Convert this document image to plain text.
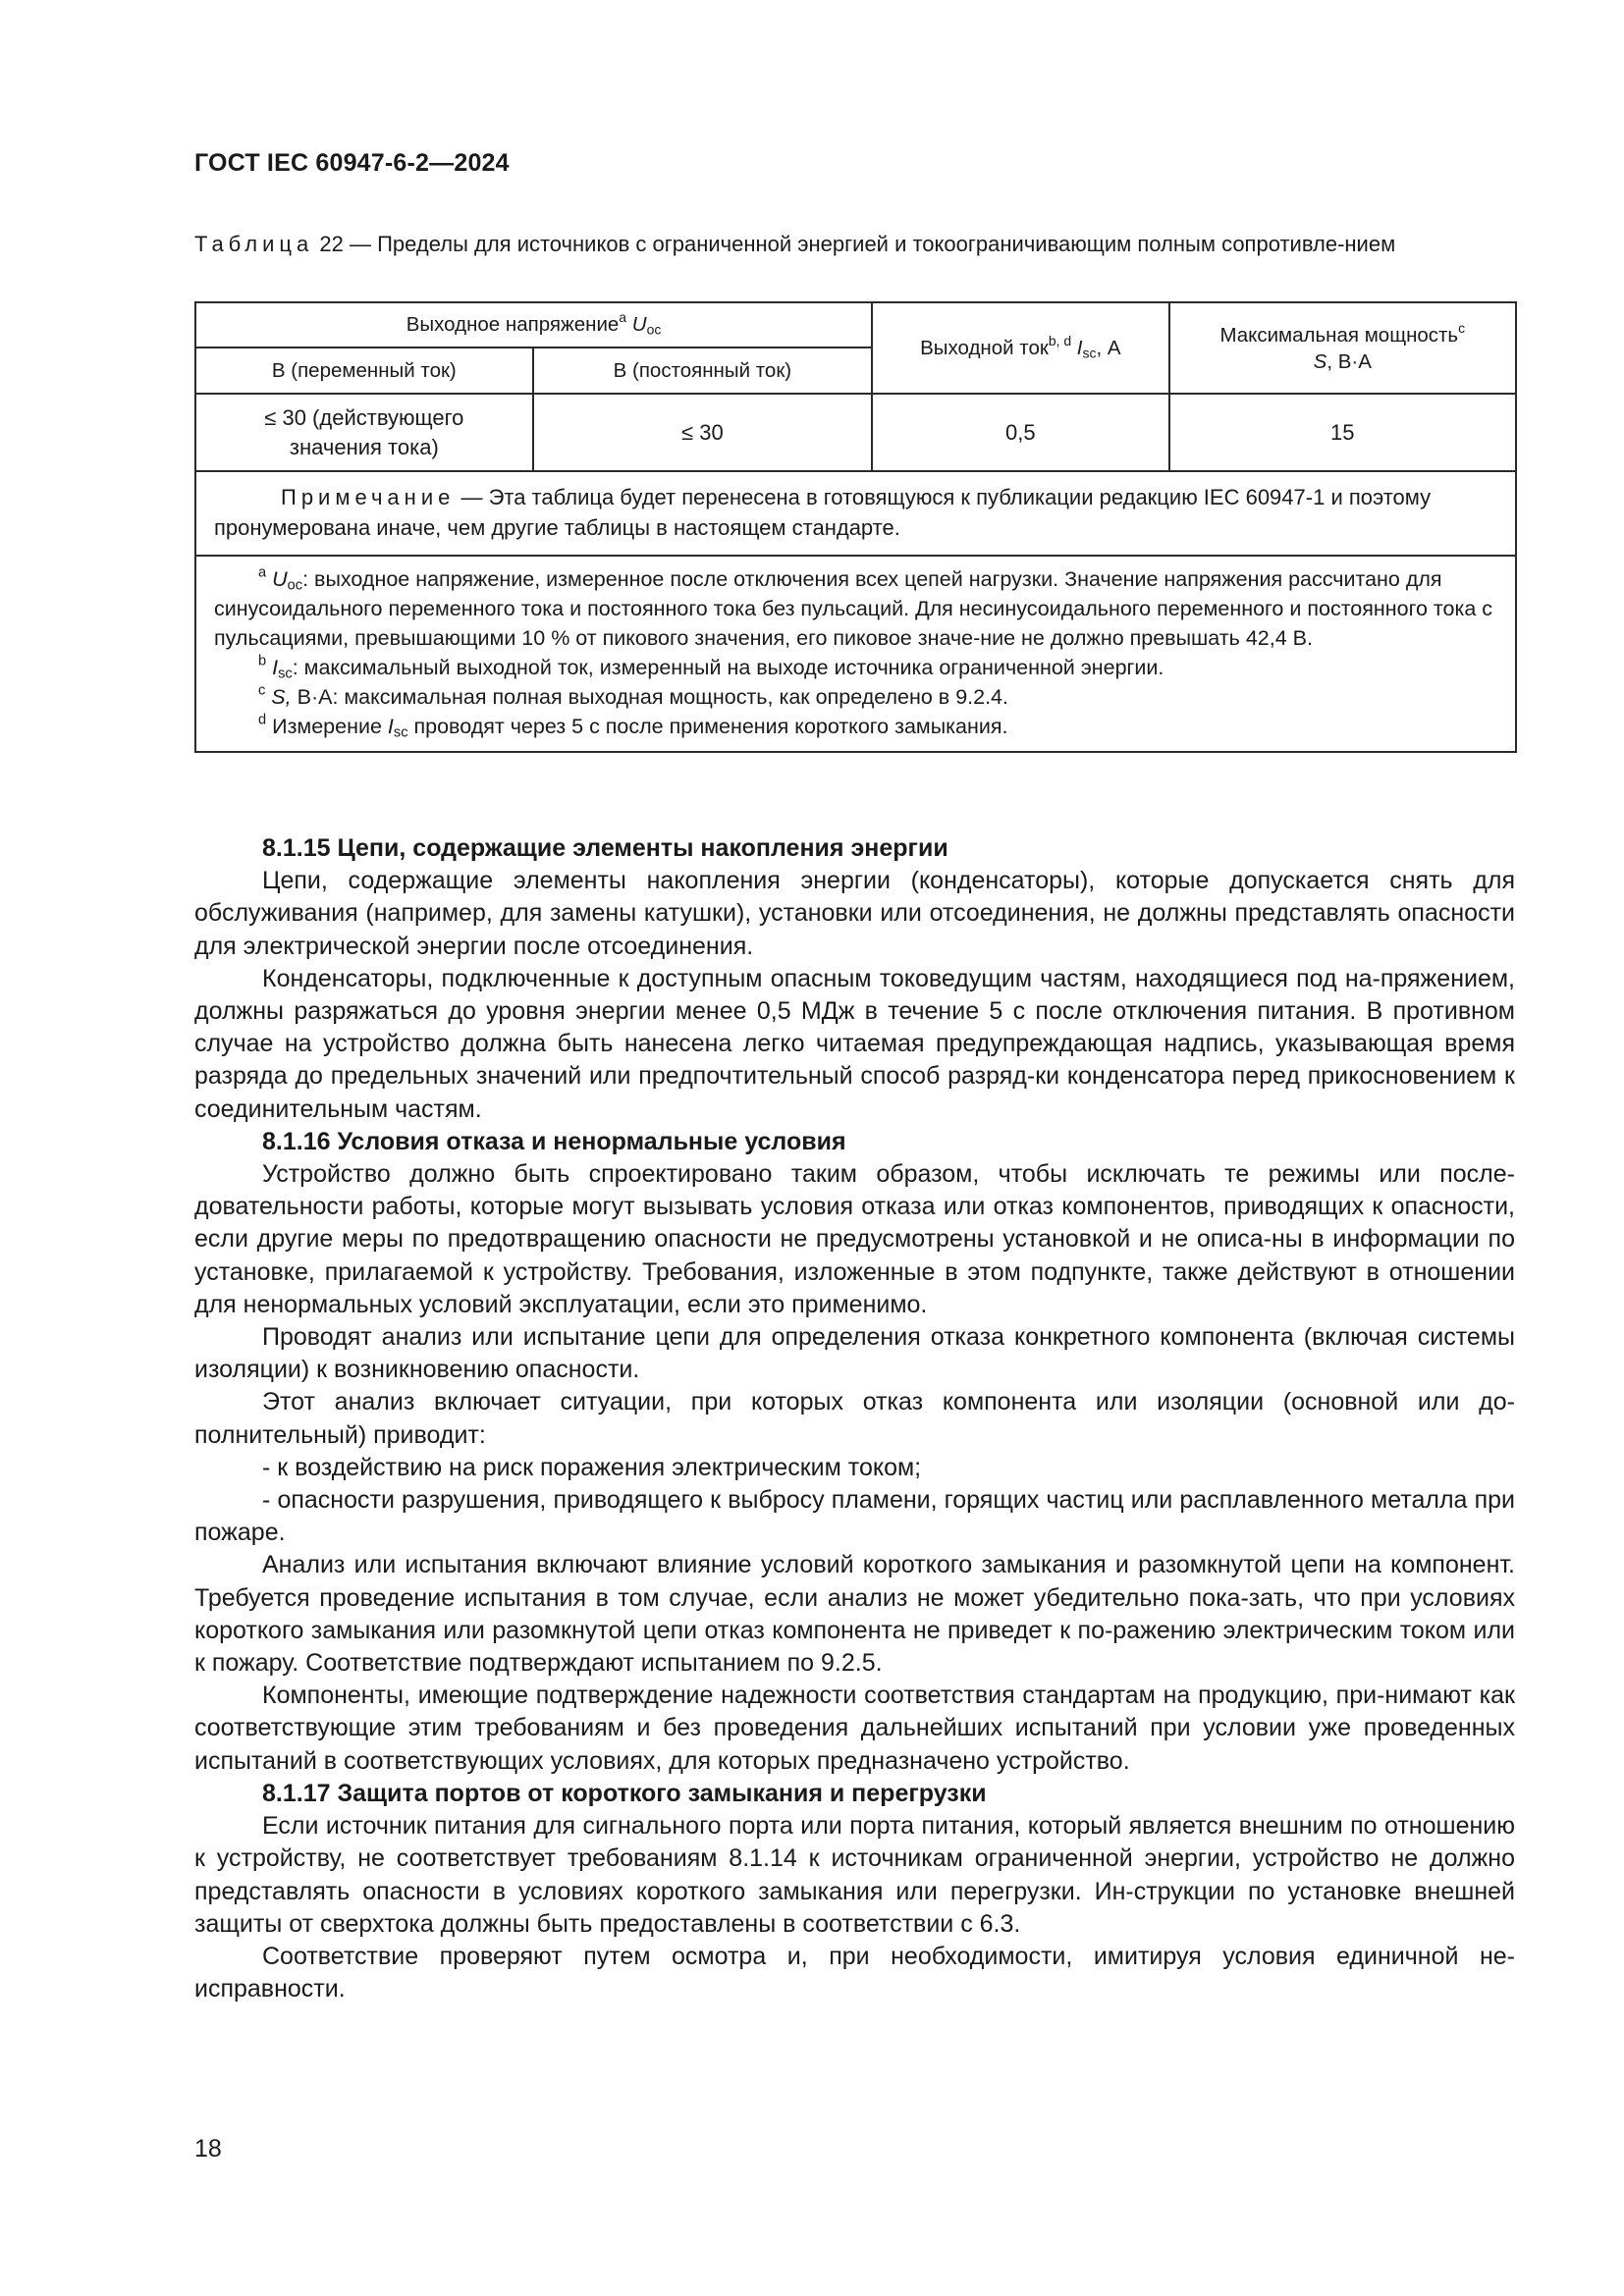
ГОСТ IEC 60947-6-2—2024
Таблица 22 — Пределы для источников с ограниченной энергией и токоограничивающим полным сопротивле-нием
Выходное напряжение$^a$ $U_{oc}$		Выходной ток$^{b, d}$ $I_{sc}$, А	Максимальная мощность$^c$
S, В·А
В (переменный ток)	В (постоянный ток)		
≤ 30 (действующего значения тока)	≤ 30	0,5	15
Примечание — Эта таблица будет перенесена в готовящуюся к публикации редакцию IEC 60947-1 и поэтому пронумерована иначе, чем другие таблицы в настоящем стандарте.			

$^a$ $U_{oc}$: выходное напряжение, измеренное после отключения всех цепей нагрузки. Значение напряжения рассчитано для синусоидального переменного тока и постоянного тока без пульсаций. Для несинусоидального переменного и постоянного тока с пульсациями, превышающими 10 % от пикового значения, его пиковое значе-ние не должно превышать 42,4 В.

$^b$ $I_{sc}$: максимальный выходной ток, измеренный на выходе источника ограниченной энергии.

$^c$ S, В·А: максимальная полная выходная мощность, как определено в 9.2.4.

$^d$ Измерение $I_{sc}$ проводят через 5 с после применения короткого замыкания.			

8.1.15 Цепи, содержащие элементы накопления энергии

Цепи, содержащие элементы накопления энергии (конденсаторы), которые допускается снять для обслуживания (например, для замены катушки), установки или отсоединения, не должны представлять опасности для электрической энергии после отсоединения.

Конденсаторы, подключенные к доступным опасным токоведущим частям, находящиеся под на-пряжением, должны разряжаться до уровня энергии менее 0,5 МДж в течение 5 с после отключения питания. В противном случае на устройство должна быть нанесена легко читаемая предупреждающая надпись, указывающая время разряда до предельных значений или предпочтительный способ разряд-ки конденсатора перед прикосновением к соединительным частям.

8.1.16 Условия отказа и ненормальные условия

Устройство должно быть спроектировано таким образом, чтобы исключать те режимы или после-довательности работы, которые могут вызывать условия отказа или отказ компонентов, приводящих к опасности, если другие меры по предотвращению опасности не предусмотрены установкой и не описа-ны в информации по установке, прилагаемой к устройству. Требования, изложенные в этом подпункте, также действуют в отношении для ненормальных условий эксплуатации, если это применимо.

Проводят анализ или испытание цепи для определения отказа конкретного компонента (включая системы изоляции) к возникновению опасности.

Этот анализ включает ситуации, при которых отказ компонента или изоляции (основной или до-полнительный) приводит:

- к воздействию на риск поражения электрическим током;

- опасности разрушения, приводящего к выбросу пламени, горящих частиц или расплавленного металла при пожаре.

Анализ или испытания включают влияние условий короткого замыкания и разомкнутой цепи на компонент. Требуется проведение испытания в том случае, если анализ не может убедительно пока-зать, что при условиях короткого замыкания или разомкнутой цепи отказ компонента не приведет к по-ражению электрическим током или к пожару. Соответствие подтверждают испытанием по 9.2.5.

Компоненты, имеющие подтверждение надежности соответствия стандартам на продукцию, при-нимают как соответствующие этим требованиям и без проведения дальнейших испытаний при условии уже проведенных испытаний в соответствующих условиях, для которых предназначено устройство.

8.1.17 Защита портов от короткого замыкания и перегрузки

Если источник питания для сигнального порта или порта питания, который является внешним по отношению к устройству, не соответствует требованиям 8.1.14 к источникам ограниченной энергии, устройство не должно представлять опасности в условиях короткого замыкания или перегрузки. Ин-струкции по установке внешней защиты от сверхтока должны быть предоставлены в соответствии с 6.3.

Соответствие проверяют путем осмотра и, при необходимости, имитируя условия единичной не-исправности.

18
